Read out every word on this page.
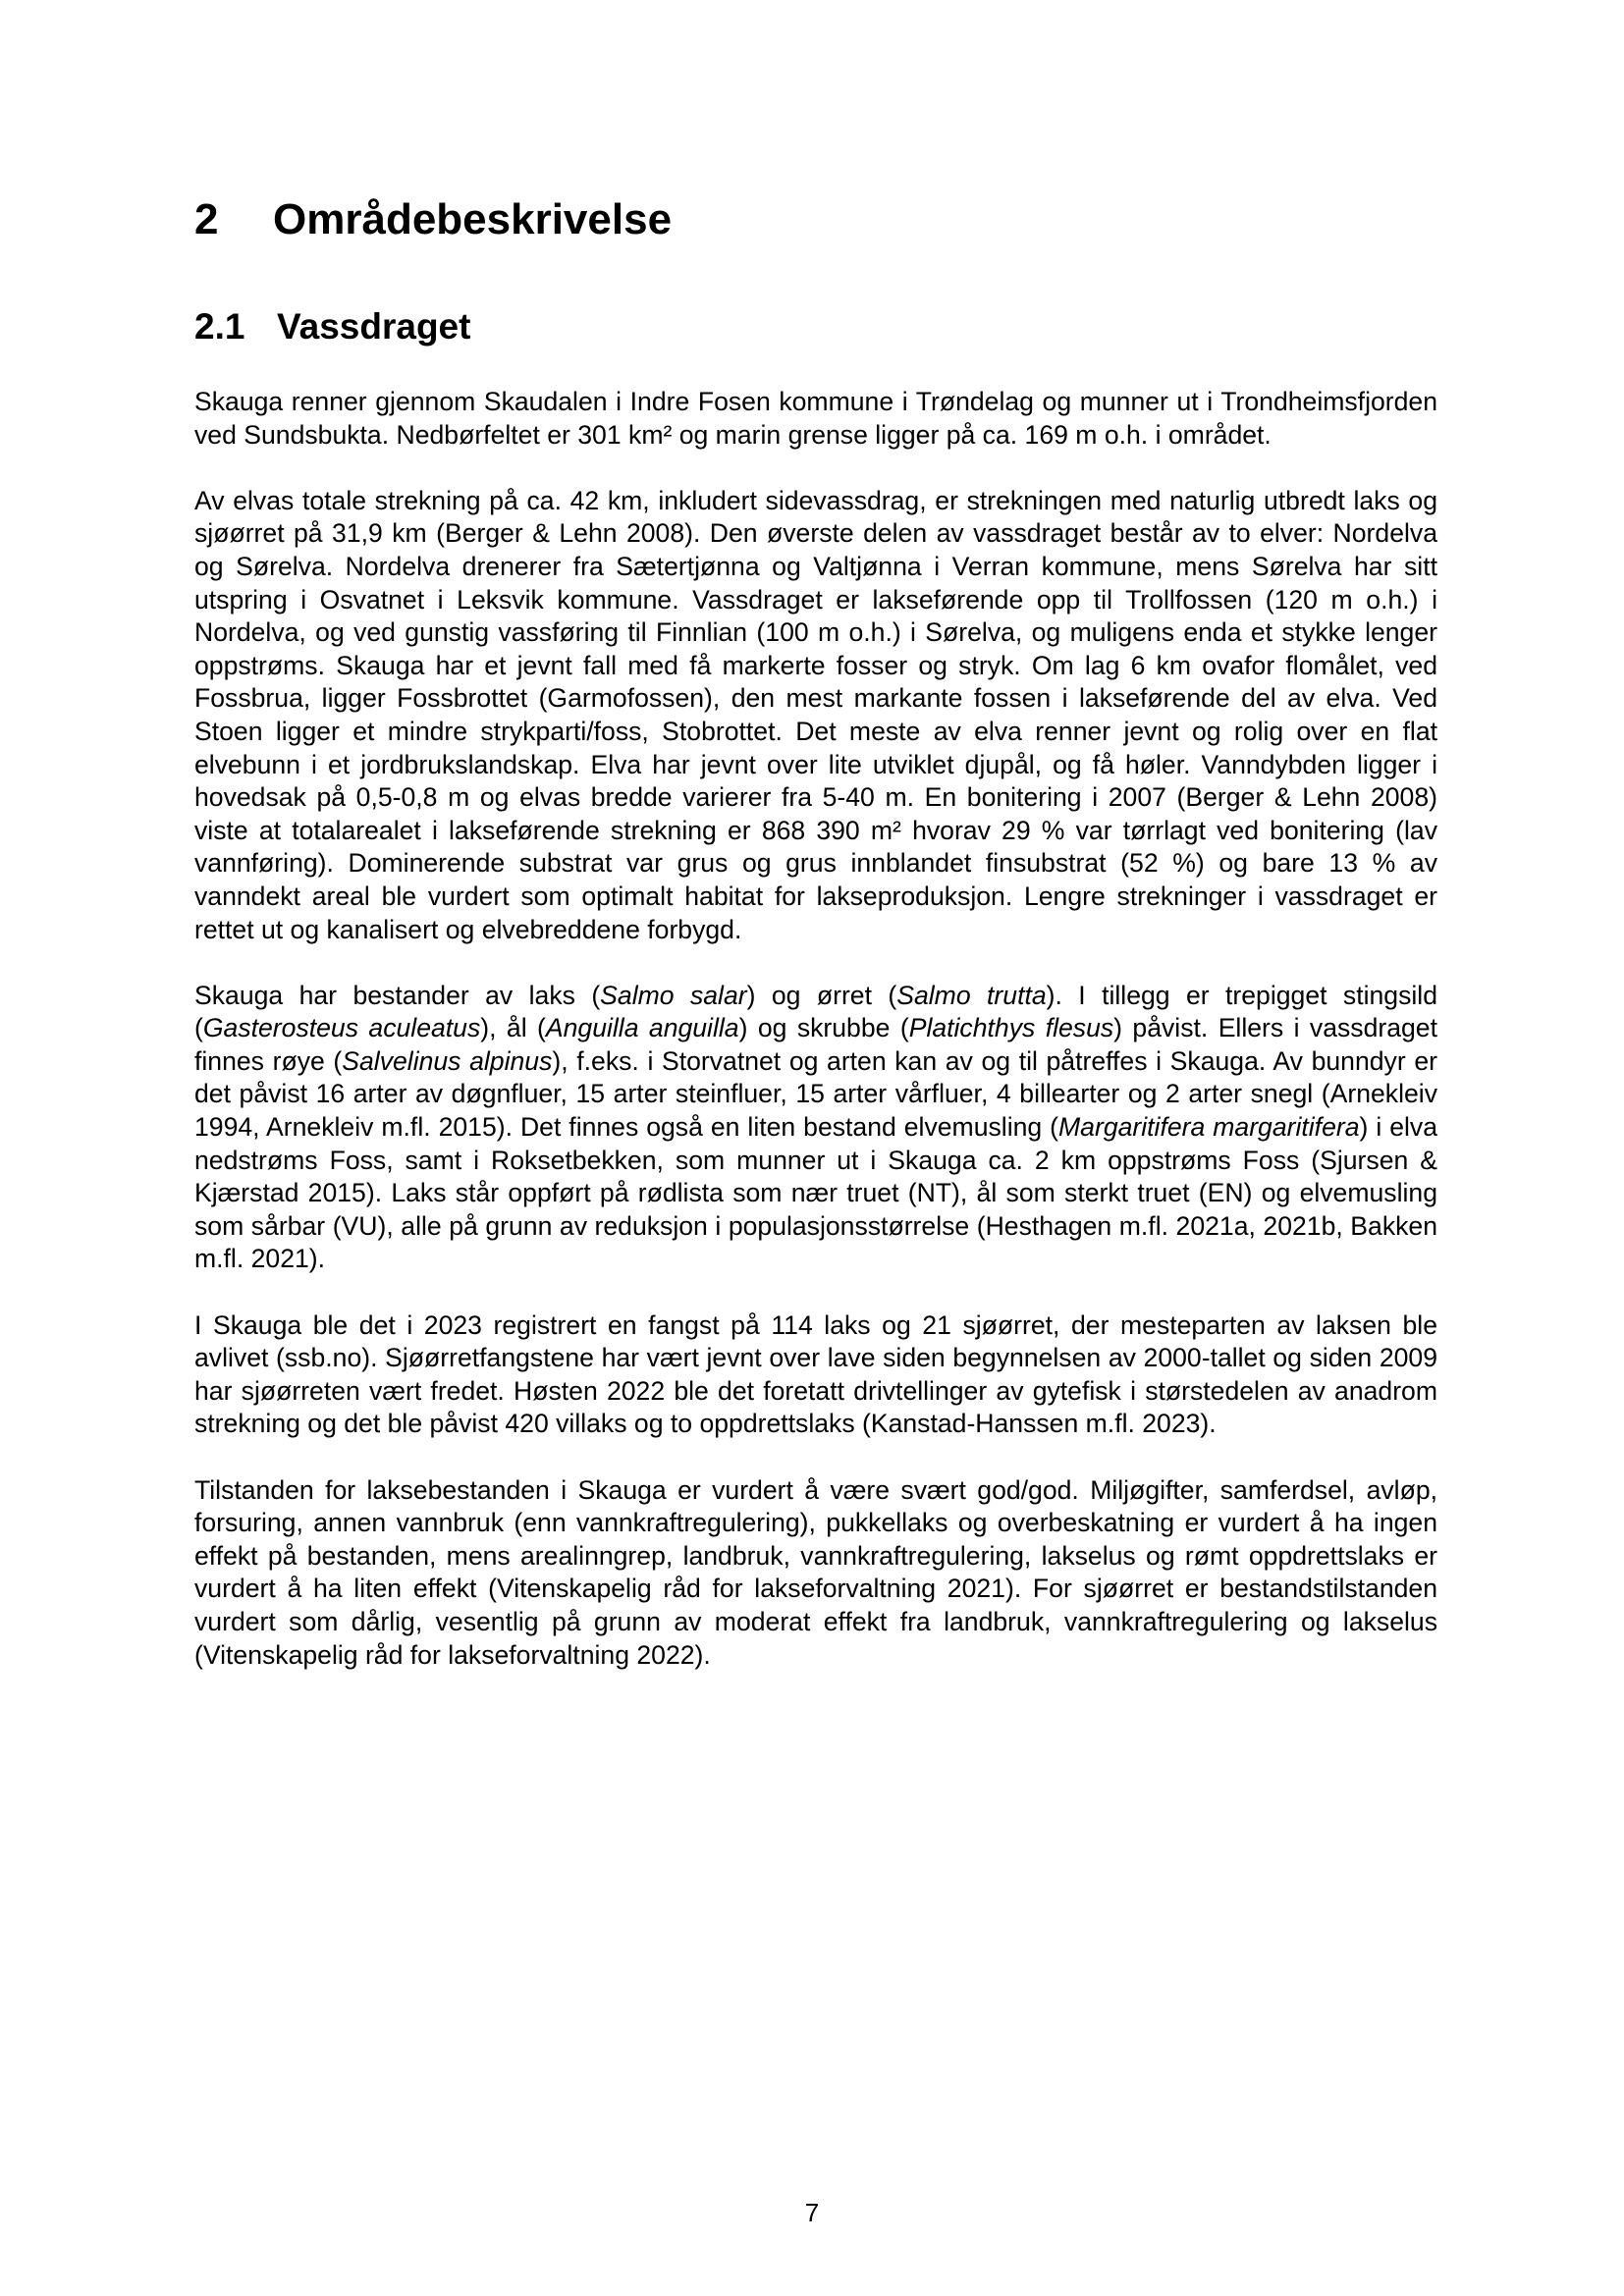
2 Områdebeskrivelse
2.1 Vassdraget

Skauga renner gjennom Skaudalen i Indre Fosen kommune i Trøndelag og munner ut i Trondheimsfjorden ved Sundsbukta. Nedbørfeltet er 301 km² og marin grense ligger på ca. 169 m o.h. i området.

Av elvas totale strekning på ca. 42 km, inkludert sidevassdrag, er strekningen med naturlig utbredt laks og sjøørret på 31,9 km (Berger & Lehn 2008). Den øverste delen av vassdraget består av to elver: Nordelva og Sørelva. Nordelva drenerer fra Sætertjønna og Valtjønna i Verran kommune, mens Sørelva har sitt utspring i Osvatnet i Leksvik kommune. Vassdraget er lakseførende opp til Trollfossen (120 m o.h.) i Nordelva, og ved gunstig vassføring til Finnlian (100 m o.h.) i Sørelva, og muligens enda et stykke lenger oppstrøms. Skauga har et jevnt fall med få markerte fosser og stryk. Om lag 6 km ovafor flomålet, ved Fossbrua, ligger Fossbrottet (Garmofossen), den mest markante fossen i lakseførende del av elva. Ved Stoen ligger et mindre strykparti/foss, Stobrottet. Det meste av elva renner jevnt og rolig over en flat elvebunn i et jordbrukslandskap. Elva har jevnt over lite utviklet djupål, og få høler. Vanndybden ligger i hovedsak på 0,5-0,8 m og elvas bredde varierer fra 5-40 m. En bonitering i 2007 (Berger & Lehn 2008) viste at totalarealet i lakseførende strekning er 868 390 m² hvorav 29 % var tørrlagt ved bonitering (lav vannføring). Dominerende substrat var grus og grus innblandet finsubstrat (52 %) og bare 13 % av vanndekt areal ble vurdert som optimalt habitat for lakseproduksjon. Lengre strekninger i vassdraget er rettet ut og kanalisert og elvebreddene forbygd.

Skauga har bestander av laks (Salmo salar) og ørret (Salmo trutta). I tillegg er trepigget stingsild (Gasterosteus aculeatus), ål (Anguilla anguilla) og skrubbe (Platichthys flesus) påvist. Ellers i vassdraget finnes røye (Salvelinus alpinus), f.eks. i Storvatnet og arten kan av og til påtreffes i Skauga. Av bunndyr er det påvist 16 arter av døgnfluer, 15 arter steinfluer, 15 arter vårfluer, 4 billearter og 2 arter snegl (Arnekleiv 1994, Arnekleiv m.fl. 2015). Det finnes også en liten bestand elvemusling (Margaritifera margaritifera) i elva nedstrøms Foss, samt i Roksetbekken, som munner ut i Skauga ca. 2 km oppstrøms Foss (Sjursen & Kjærstad 2015). Laks står oppført på rødlista som nær truet (NT), ål som sterkt truet (EN) og elvemusling som sårbar (VU), alle på grunn av reduksjon i populasjonsstørrelse (Hesthagen m.fl. 2021a, 2021b, Bakken m.fl. 2021).

I Skauga ble det i 2023 registrert en fangst på 114 laks og 21 sjøørret, der mesteparten av laksen ble avlivet (ssb.no). Sjøørretfangstene har vært jevnt over lave siden begynnelsen av 2000-tallet og siden 2009 har sjøørreten vært fredet. Høsten 2022 ble det foretatt drivtellinger av gytefisk i størstedelen av anadrom strekning og det ble påvist 420 villaks og to oppdrettslaks (Kanstad-Hanssen m.fl. 2023).

Tilstanden for laksebestanden i Skauga er vurdert å være svært god/god. Miljøgifter, samferdsel, avløp, forsuring, annen vannbruk (enn vannkraftregulering), pukkellaks og overbeskatning er vurdert å ha ingen effekt på bestanden, mens arealinngrep, landbruk, vannkraftregulering, lakselus og rømt oppdrettslaks er vurdert å ha liten effekt (Vitenskapelig råd for lakseforvaltning 2021). For sjøørret er bestandstilstanden vurdert som dårlig, vesentlig på grunn av moderat effekt fra landbruk, vannkraftregulering og lakselus (Vitenskapelig råd for lakseforvaltning 2022).

7
